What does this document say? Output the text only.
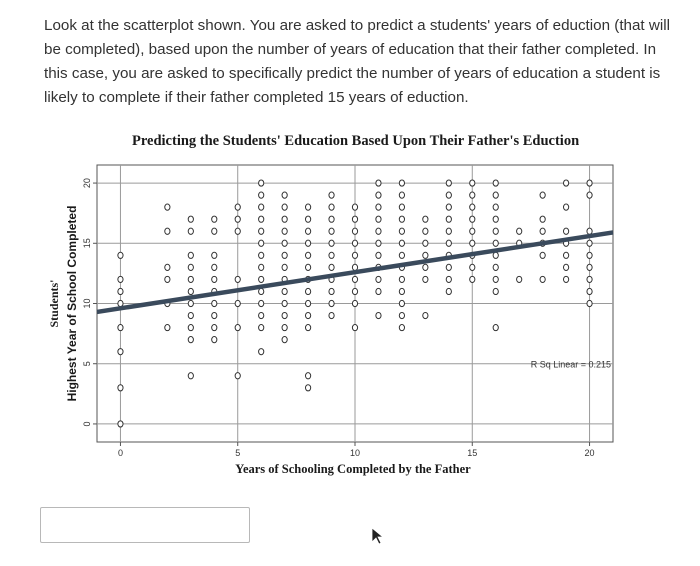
Look at the scatterplot shown. You are asked to predict a students' years of eduction (that will be completed), based upon the number of years of education that their father completed. In this case, you are asked to specifically predict the number of years of education a student is likely to complete if their father completed 15 years of eduction.
Predicting the Students' Education Based Upon Their Father's Eduction
0	5	10	15	20
0
5
10
15
20
R Sq Linear = 0.215
Years of Schooling Completed by the Father
Students' Highest Year of School Completed
